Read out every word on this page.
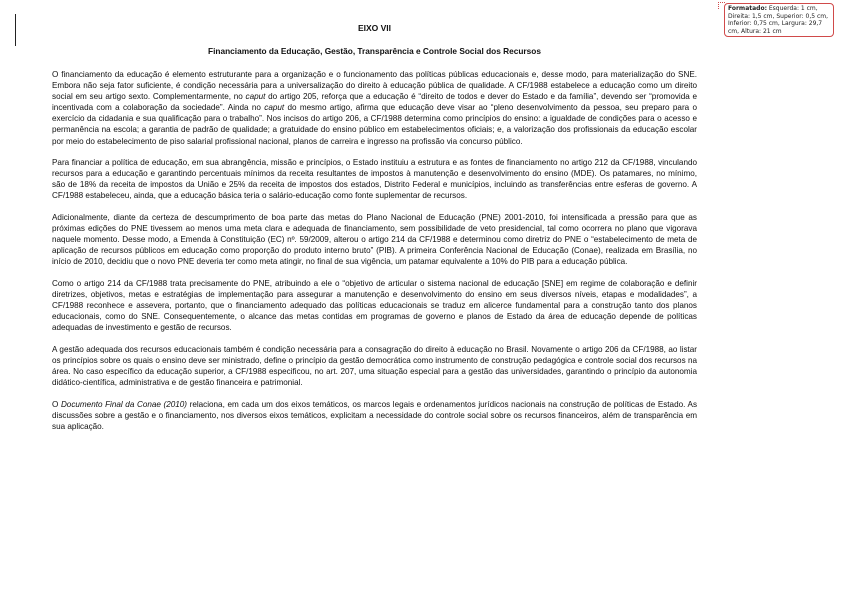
Formatado: Esquerda: 1 cm, Direita: 1,5 cm, Superior: 0,5 cm, Inferior: 0,75 cm, Largura: 29,7 cm, Altura: 21 cm

EIXO VII

Financiamento da Educação, Gestão, Transparência e Controle Social dos Recursos

O financiamento da educação é elemento estruturante para a organização e o funcionamento das políticas públicas educacionais e, desse modo, para materialização do SNE. Embora não seja fator suficiente, é condição necessária para a universalização do direito à educação pública de qualidade. A CF/1988 estabelece a educação como um direito social em seu artigo sexto. Complementarmente, no caput do artigo 205, reforça que a educação é “direito de todos e dever do Estado e da família”, devendo ser “promovida e incentivada com a colaboração da sociedade”. Ainda no caput do mesmo artigo, afirma que educação deve visar ao “pleno desenvolvimento da pessoa, seu preparo para o exercício da cidadania e sua qualificação para o trabalho”. Nos incisos do artigo 206, a CF/1988 determina como princípios do ensino: a igualdade de condições para o acesso e permanência na escola; a garantia de padrão de qualidade; a gratuidade do ensino público em estabelecimentos oficiais; e, a valorização dos profissionais da educação escolar por meio do estabelecimento de piso salarial profissional nacional, planos de carreira e ingresso na profissão via concurso público.

Para financiar a política de educação, em sua abrangência, missão e princípios, o Estado instituiu a estrutura e as fontes de financiamento no artigo 212 da CF/1988, vinculando recursos para a educação e garantindo percentuais mínimos da receita resultantes de impostos à manutenção e desenvolvimento do ensino (MDE). Os patamares, no mínimo, são de 18% da receita de impostos da União e 25% da receita de impostos dos estados, Distrito Federal e municípios, incluindo as transferências entre esferas de governo. A CF/1988 estabeleceu, ainda, que a educação básica teria o salário-educação como fonte suplementar de recursos.

Adicionalmente, diante da certeza de descumprimento de boa parte das metas do Plano Nacional de Educação (PNE) 2001-2010, foi intensificada a pressão para que as próximas edições do PNE tivessem ao menos uma meta clara e adequada de financiamento, sem possibilidade de veto presidencial, tal como ocorrera no plano que vigorava naquele momento. Desse modo, a Emenda à Constituição (EC) nº. 59/2009, alterou o artigo 214 da CF/1988 e determinou como diretriz do PNE o “estabelecimento de meta de aplicação de recursos públicos em educação como proporção do produto interno bruto” (PIB). A primeira Conferência Nacional de Educação (Conae), realizada em Brasília, no início de 2010, decidiu que o novo PNE deveria ter como meta atingir, no final de sua vigência, um patamar equivalente a 10% do PIB para a educação pública.

Como o artigo 214 da CF/1988 trata precisamente do PNE, atribuindo a ele o “objetivo de articular o sistema nacional de educação [SNE] em regime de colaboração e definir diretrizes, objetivos, metas e estratégias de implementação para assegurar a manutenção e desenvolvimento do ensino em seus diversos níveis, etapas e modalidades”, a CF/1988 reconhece e assevera, portanto, que o financiamento adequado das políticas educacionais se traduz em alicerce fundamental para a construção tanto dos planos educacionais, como do SNE. Consequentemente, o alcance das metas contidas em programas de governo e planos de Estado da área de educação depende de políticas adequadas de investimento e gestão de recursos.

A gestão adequada dos recursos educacionais também é condição necessária para a consagração do direito à educação no Brasil. Novamente o artigo 206 da CF/1988, ao listar os princípios sobre os quais o ensino deve ser ministrado, define o princípio da gestão democrática como instrumento de construção pedagógica e controle social dos recursos na área. No caso específico da educação superior, a CF/1988 especificou, no art. 207, uma situação especial para a gestão das universidades, garantindo o princípio da autonomia didático-científica, administrativa e de gestão financeira e patrimonial.

O Documento Final da Conae (2010) relaciona, em cada um dos eixos temáticos, os marcos legais e ordenamentos jurídicos nacionais na construção de políticas de Estado. As discussões sobre a gestão e o financiamento, nos diversos eixos temáticos, explicitam a necessidade do controle social sobre os recursos financeiros, além de transparência em sua aplicação.
